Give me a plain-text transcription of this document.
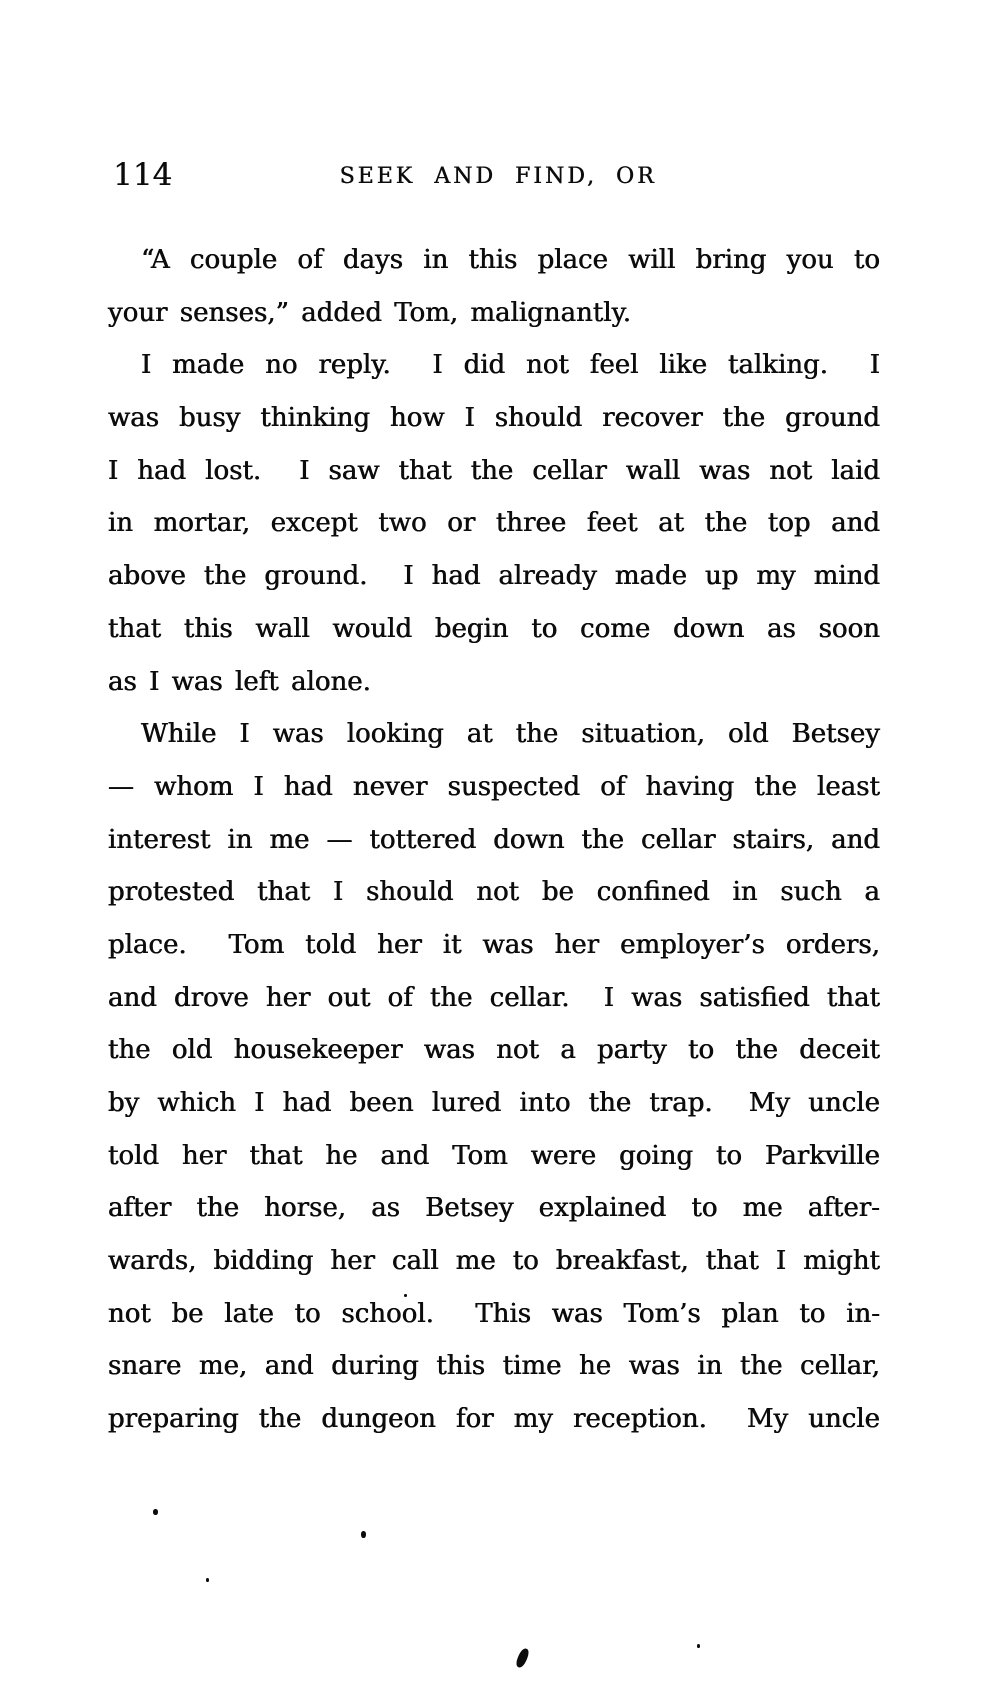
114	SEEK AND FIND, OR
“A couple of days in this place will bring you to
your senses,” added Tom, malignantly.
I made no reply.  I did not feel like talking.  I
was busy thinking how I should recover the ground
I had lost.  I saw that the cellar wall was not laid
in mortar, except two or three feet at the top and
above the ground.  I had already made up my mind
that this wall would begin to come down as soon
as I was left alone.
While I was looking at the situation, old Betsey
— whom I had never suspected of having the least
interest in me — tottered down the cellar stairs, and
protested that I should not be confined in such a
place.  Tom told her it was her employer’s orders,
and drove her out of the cellar.  I was satisfied that
the old housekeeper was not a party to the deceit
by which I had been lured into the trap.  My uncle
told her that he and Tom were going to Parkville
after the horse, as Betsey explained to me after-
wards, bidding her call me to breakfast, that I might
not be late to school.  This was Tom’s plan to in-
snare me, and during this time he was in the cellar,
preparing the dungeon for my reception.  My uncle
